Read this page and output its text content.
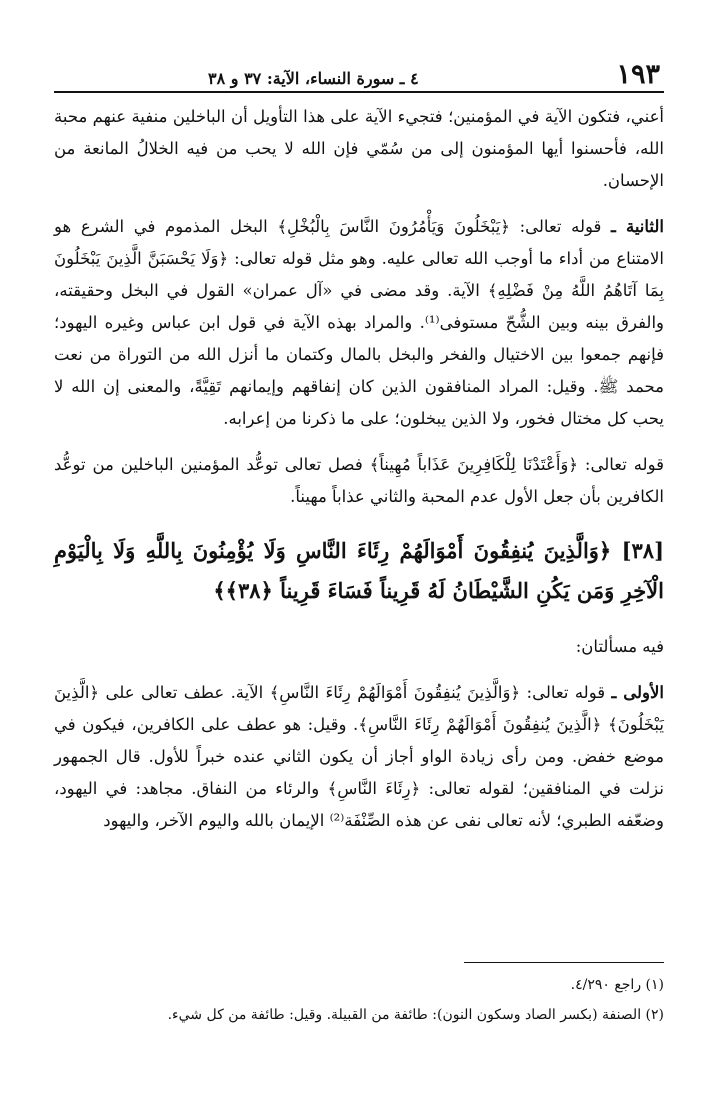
١٩٣
٤ ـ سورة النساء، الآية: ٣٧ و ٣٨

أعني، فتكون الآية في المؤمنين؛ فتجيء الآية على هذا التأويل أن الباخلين منفية عنهم محبة الله، فأحسنوا أيها المؤمنون إلى من سُمّي فإن الله لا يحب من فيه الخلالُ المانعة من الإحسان.

الثانية ـ قوله تعالى: ﴿يَبْخَلُونَ وَيَأْمُرُونَ النَّاسَ بِالْبُخْلِ﴾ البخل المذموم في الشرع هو الامتناع من أداء ما أوجب الله تعالى عليه. وهو مثل قوله تعالى: ﴿وَلَا يَحْسَبَنَّ الَّذِينَ يَبْخَلُونَ بِمَا آتَاهُمُ اللَّهُ مِنْ فَضْلِهِ﴾ الآية. وقد مضى في «آل عمران» القول في البخل وحقيقته، والفرق بينه وبين الشُّحّ مستوفى⁽¹⁾. والمراد بهذه الآية في قول ابن عباس وغيره اليهود؛ فإنهم جمعوا بين الاختيال والفخر والبخل بالمال وكتمان ما أنزل الله من التوراة من نعت محمد ﷺ. وقيل: المراد المنافقون الذين كان إنفاقهم وإيمانهم تَقِيَّةً، والمعنى إن الله لا يحب كل مختال فخور، ولا الذين يبخلون؛ على ما ذكرنا من إعرابه.

قوله تعالى: ﴿وَأَعْتَدْنَا لِلْكَافِرِينَ عَذَاباً مُهِيناً﴾ فصل تعالى توعُّد المؤمنين الباخلين من توعُّد الكافرين بأن جعل الأول عدم المحبة والثاني عذاباً مهيناً.

[٣٨] ﴿وَالَّذِينَ يُنفِقُونَ أَمْوَالَهُمْ رِئَاءَ النَّاسِ وَلَا يُؤْمِنُونَ بِاللَّهِ وَلَا بِالْيَوْمِ الْآخِرِ وَمَن يَكُنِ الشَّيْطَانُ لَهُ قَرِيناً فَسَاءَ قَرِيناً ﴿٣٨﴾﴾

فيه مسألتان:

الأولى ـ قوله تعالى: ﴿وَالَّذِينَ يُنفِقُونَ أَمْوَالَهُمْ رِئَاءَ النَّاسِ﴾ الآية. عطف تعالى على ﴿الَّذِينَ يَبْخَلُونَ﴾ ﴿الَّذِينَ يُنفِقُونَ أَمْوَالَهُمْ رِئَاءَ النَّاسِ﴾. وقيل: هو عطف على الكافرين، فيكون في موضع خفض. ومن رأى زيادة الواو أجاز أن يكون الثاني عنده خبراً للأول. قال الجمهور نزلت في المنافقين؛ لقوله تعالى: ﴿رِئَاءَ النَّاسِ﴾ والرئاء من النفاق. مجاهد: في اليهود، وضعّفه الطبري؛ لأنه تعالى نفى عن هذه الصِّنْفَة⁽²⁾ الإيمان بالله واليوم الآخر، واليهود

(١) راجع ٤/٢٩٠.

(٢) الصنفة (بكسر الصاد وسكون النون): طائفة من القبيلة. وقيل: طائفة من كل شيء.
